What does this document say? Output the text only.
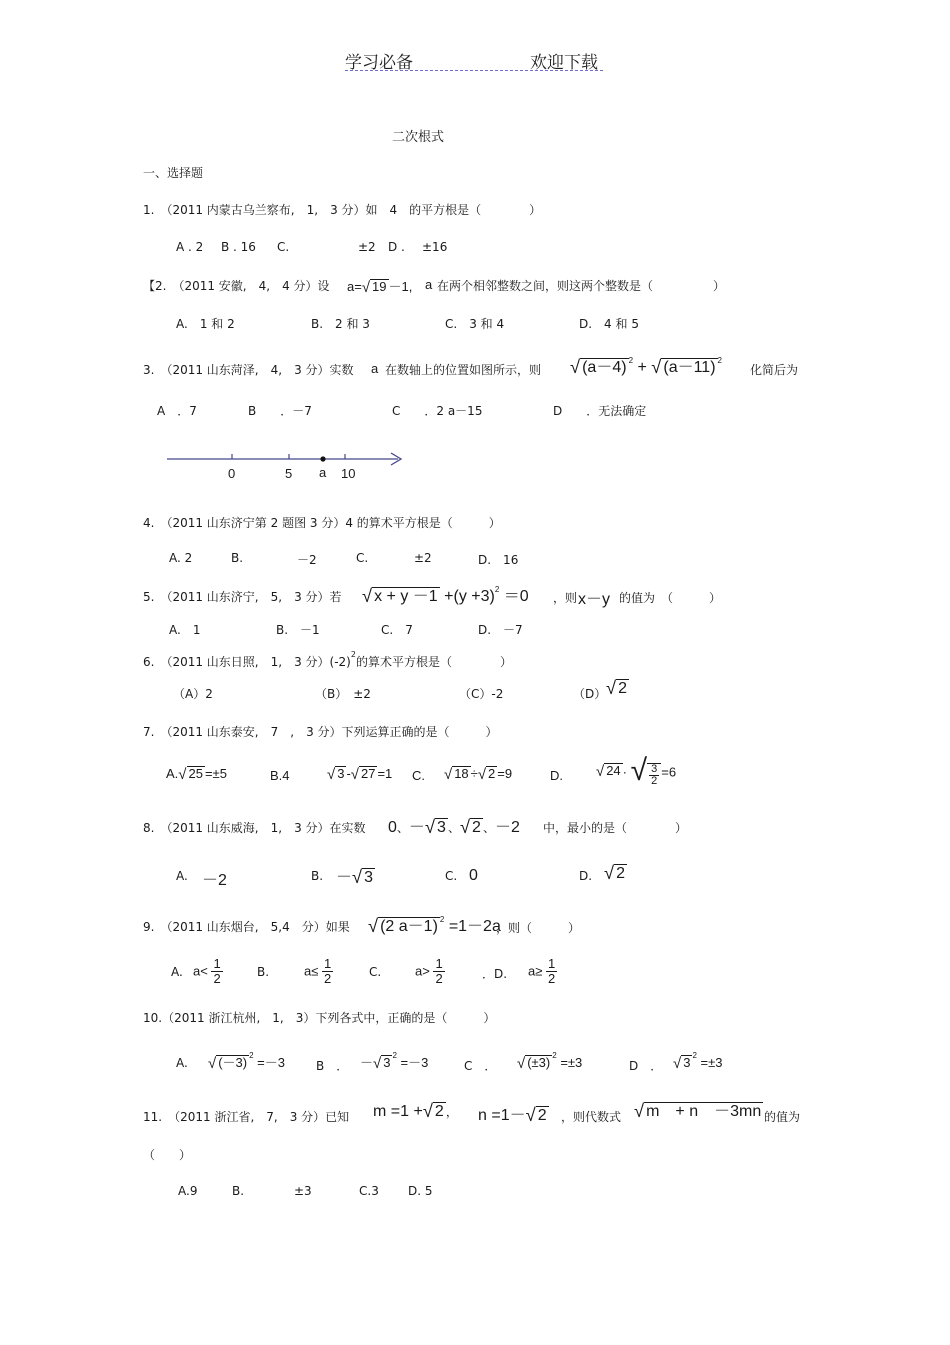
学习必备	欢迎下载
二次根式
一、选择题
1.　（2011 内蒙古乌兰察布,　1,　3 分）如　4　的平方根是（　　　　）
A . 2 B . 16 C.	±2 D . ±16
【2.　（2011 安徽,　4,　4 分）设 a=√ 19 －1, a 在两个相邻整数之间，则这两个整数是（　　　　　）
A.　1 和 2	B.　2 和 3	C.　3 和 4	D.　4 和 5
3.　（2011 山东菏泽,　4,　3 分）实数 a 在数轴上的位置如图所示，则 √ (a－4) $^2$ + √ (a－11) $^2$
化简后为
A　．7	B　　．－7	C　　．2 a－15	D　　．无法确定
0	5 a 10
4.　（2011 山东济宁第 2 题图 3 分）4 的算术平方根是（　　　）
A. 2	B.	－2	C.	±2	D.　16
5.　（2011 山东济宁,　5,　3 分）若 √ $x + y -1 +(y +3)^2 =0$ ，则 x－y 的值为　（　　　）
A.　1	B.　－1	C.　7	D.　－7
6.　（2011 山东日照,　1,　3 分）$(-2)^2$的算术平方根是（　　　　）
（A）2	（B）　±2	（C）-2	（D） √ 2
7.　（2011 山东泰安,　7　,　3 分）下列运算正确的是（　　　）
A.√ 25 =±5	B.4	√ 3 -√ 27 =1 C. √ 18 ÷√ 2 =9	D. √ 24 · √ $\frac{3}{2} =6$
8.　（2011 山东威海,　1,　3 分）在实数 0、－√ 3 、√ 2 、－2 中，最小的是（　　　　）
A. －2	B. －√ 3	C. 0	D. √ 2
9.　（2011 山东烟台,　5,4　分）如果 √ (2 a－1) $^2$ =1－2a
，则（　　　）
A. $a< \frac{1}{2}$	B.	$a\le \frac{1}{2}$	C.	$a> \frac{1}{2}$	．D. $a\ge \frac{1}{2}$
10.（2011 浙江杭州,　1,　3）下列各式中，正确的是（　　　）
A. √ (－3) $^2$ =－3	B　． －√ 3 $^2$ =－3	C　． √ (±3) $^2$ =±3	D　． √ 3 $^2$ =±3
11.　（2011 浙江省,　7,　3 分）已知 m =1 +√ 2 ， n =1－√ 2 ，则代数式 √ m　+ n　－3mn 的值为
（　　）
A.9	B.	±3	C.3 D. 5
